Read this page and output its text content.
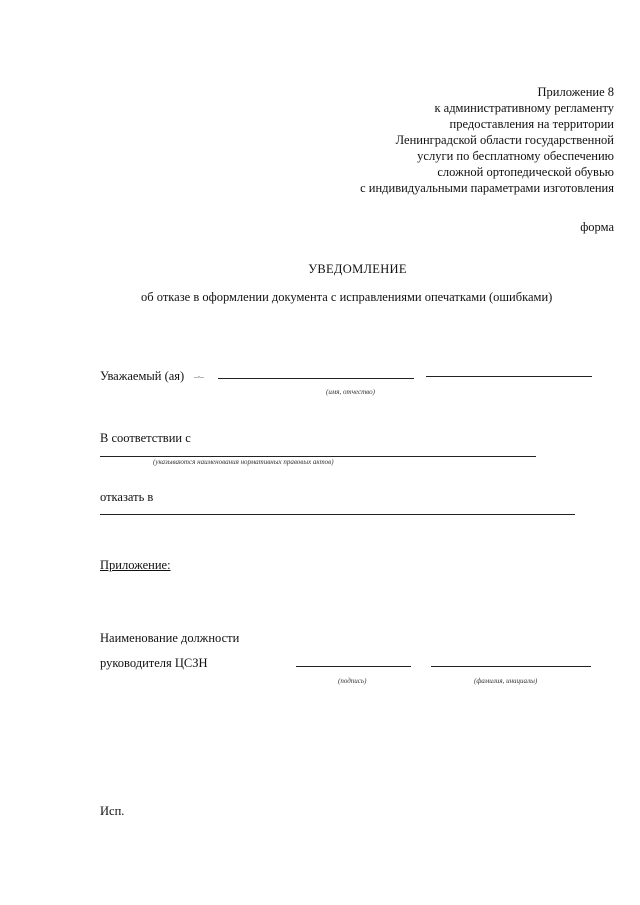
Приложение 8
к административному регламенту
предоставления на территории
Ленинградской области государственной
услуги по бесплатному обеспечению
сложной ортопедической обувью
с индивидуальными параметрами изготовления
форма
УВЕДОМЛЕНИЕ
об отказе в оформлении документа с исправлениями опечатками (ошибками)
Уважаемый (ая) _,_
(имя, отчество)
В соответствии с
(указываются наименования нормативных правовых актов)
отказать в
Приложение:
Наименование должности
руководителя ЦСЗН
(подпись)	(фамилия, инициалы)
Исп.
